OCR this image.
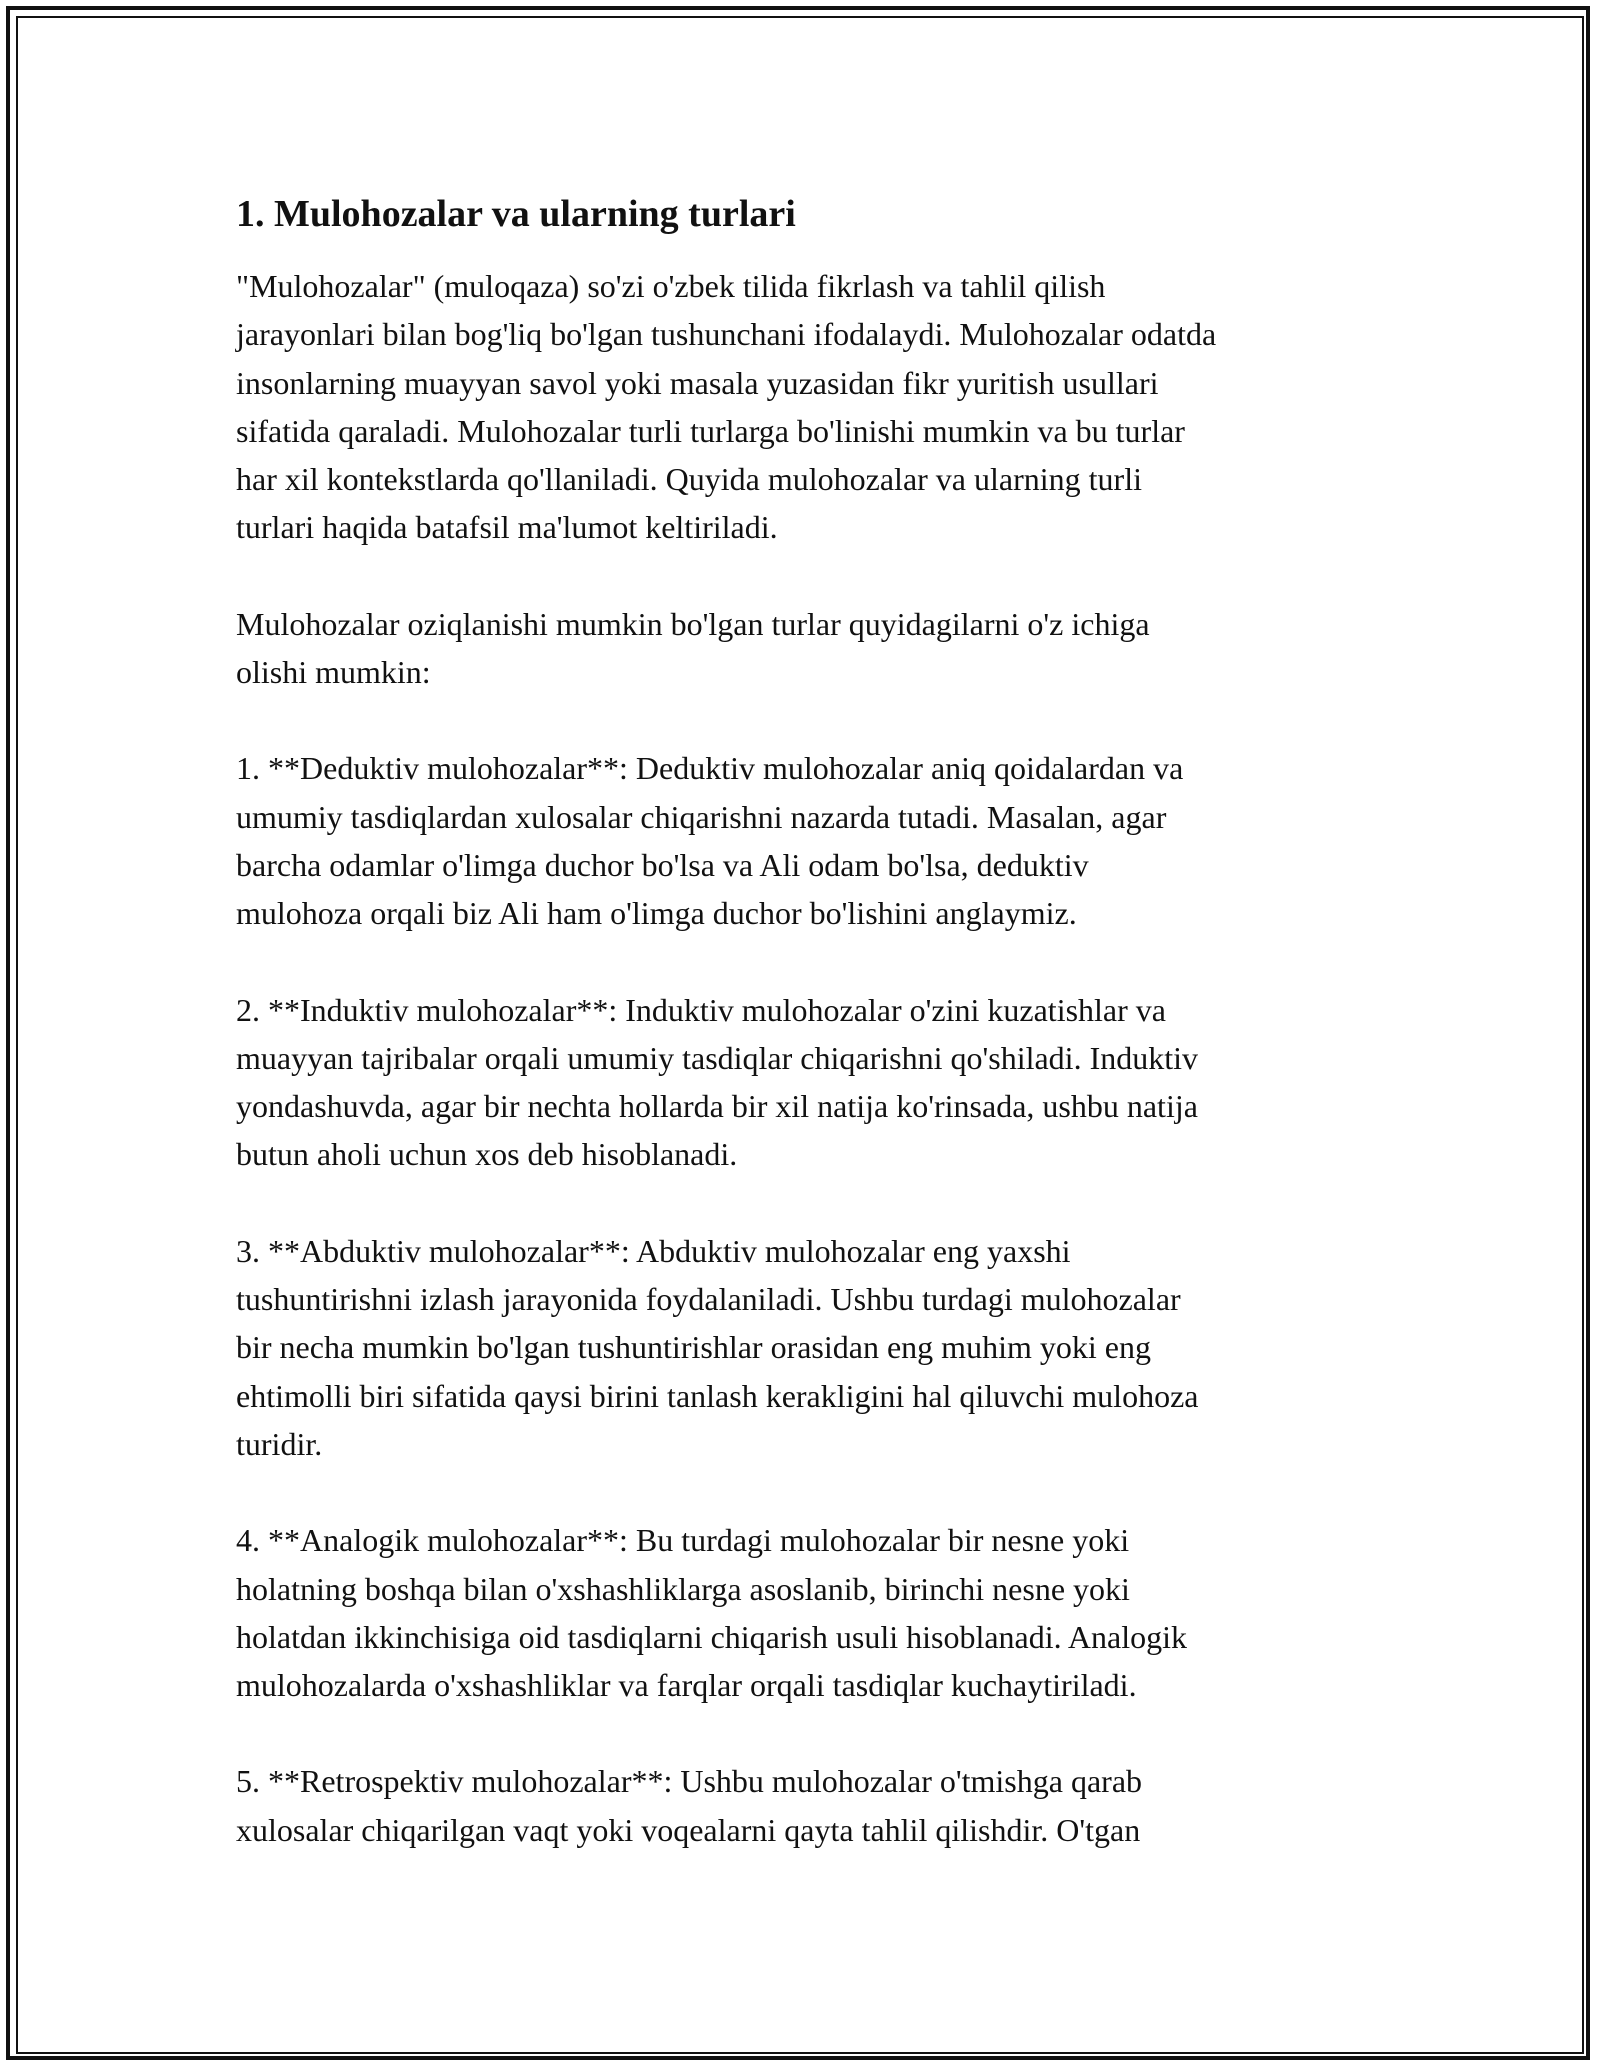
1. Mulohozalar va ularning turlari

"Mulohozalar" (muloqaza) so'zi o'zbek tilida fikrlash va tahlil qilish
jarayonlari bilan bog'liq bo'lgan tushunchani ifodalaydi. Mulohozalar odatda
insonlarning muayyan savol yoki masala yuzasidan fikr yuritish usullari
sifatida qaraladi. Mulohozalar turli turlarga bo'linishi mumkin va bu turlar
har xil kontekstlarda qo'llaniladi. Quyida mulohozalar va ularning turli
turlari haqida batafsil ma'lumot keltiriladi.

Mulohozalar oziqlanishi mumkin bo'lgan turlar quyidagilarni o'z ichiga
olishi mumkin:

1. **Deduktiv mulohozalar**: Deduktiv mulohozalar aniq qoidalardan va
umumiy tasdiqlardan xulosalar chiqarishni nazarda tutadi. Masalan, agar
barcha odamlar o'limga duchor bo'lsa va Ali odam bo'lsa, deduktiv
mulohoza orqali biz Ali ham o'limga duchor bo'lishini anglaymiz.

2. **Induktiv mulohozalar**: Induktiv mulohozalar o'zini kuzatishlar va
muayyan tajribalar orqali umumiy tasdiqlar chiqarishni qo'shiladi. Induktiv
yondashuvda, agar bir nechta hollarda bir xil natija ko'rinsada, ushbu natija
butun aholi uchun xos deb hisoblanadi.

3. **Abduktiv mulohozalar**: Abduktiv mulohozalar eng yaxshi
tushuntirishni izlash jarayonida foydalaniladi. Ushbu turdagi mulohozalar
bir necha mumkin bo'lgan tushuntirishlar orasidan eng muhim yoki eng
ehtimolli biri sifatida qaysi birini tanlash kerakligini hal qiluvchi mulohoza
turidir.

4. **Analogik mulohozalar**: Bu turdagi mulohozalar bir nesne yoki
holatning boshqa bilan o'xshashliklarga asoslanib, birinchi nesne yoki
holatdan ikkinchisiga oid tasdiqlarni chiqarish usuli hisoblanadi. Analogik
mulohozalarda o'xshashliklar va farqlar orqali tasdiqlar kuchaytiriladi.

5. **Retrospektiv mulohozalar**: Ushbu mulohozalar o'tmishga qarab
xulosalar chiqarilgan vaqt yoki voqealarni qayta tahlil qilishdir. O'tgan
